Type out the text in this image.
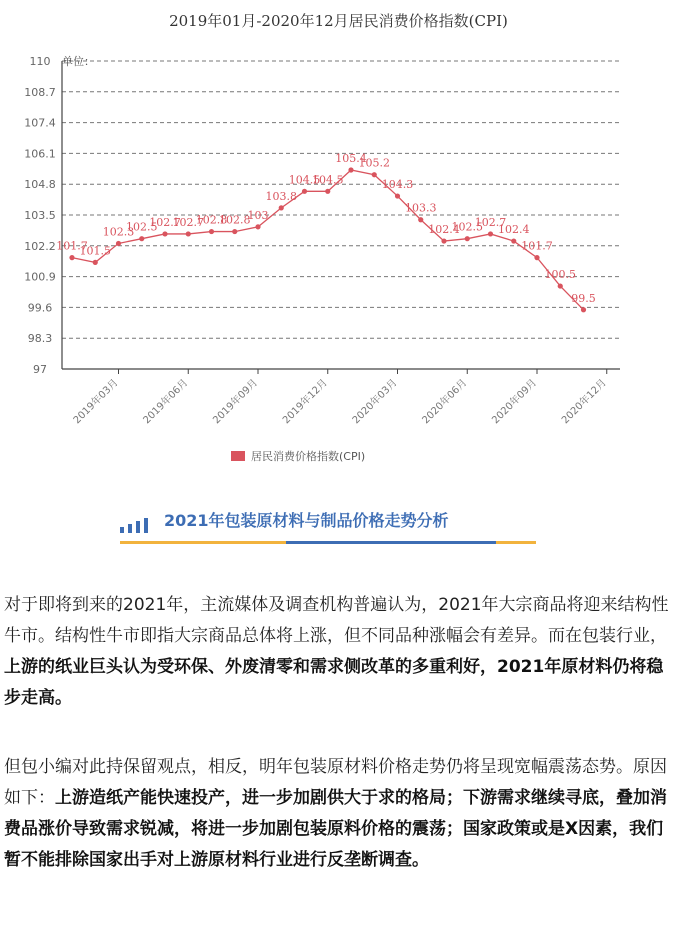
2019年01月-2020年12月居民消费价格指数(CPI)
110
108.7
107.4
106.1
104.8
103.5
102.2
100.9
99.6
98.3
97
单位：
2019年03月 2019年06月 2019年09月 2019年12月 2020年03月 2020年06月 2020年09月 2020年12月
101.7
101.5
102.3
102.5
102.7
102.7
102.8
102.8
103
103.8
104.5
104.5
105.4
105.2
104.3
103.3
102.4
102.5
102.7
102.4
101.7
100.5
99.5
居民消费价格指数(CPI)
2021年包装原材料与制品价格走势分析

对于即将到来的2021年，主流媒体及调查机构普遍认为，2021年大宗商品将迎来结构性牛市。结构性牛市即指大宗商品总体将上涨，但不同品种涨幅会有差异。而在包装行业，上游的纸业巨头认为受环保、外废清零和需求侧改革的多重利好，2021年原材料仍将稳步走高。

但包小编对此持保留观点，相反，明年包装原材料价格走势仍将呈现宽幅震荡态势。原因如下：上游造纸产能快速投产，进一步加剧供大于求的格局；下游需求继续寻底，叠加消费品涨价导致需求锐减，将进一步加剧包装原料价格的震荡；国家政策或是X因素，我们暂不能排除国家出手对上游原材料行业进行反垄断调查。
